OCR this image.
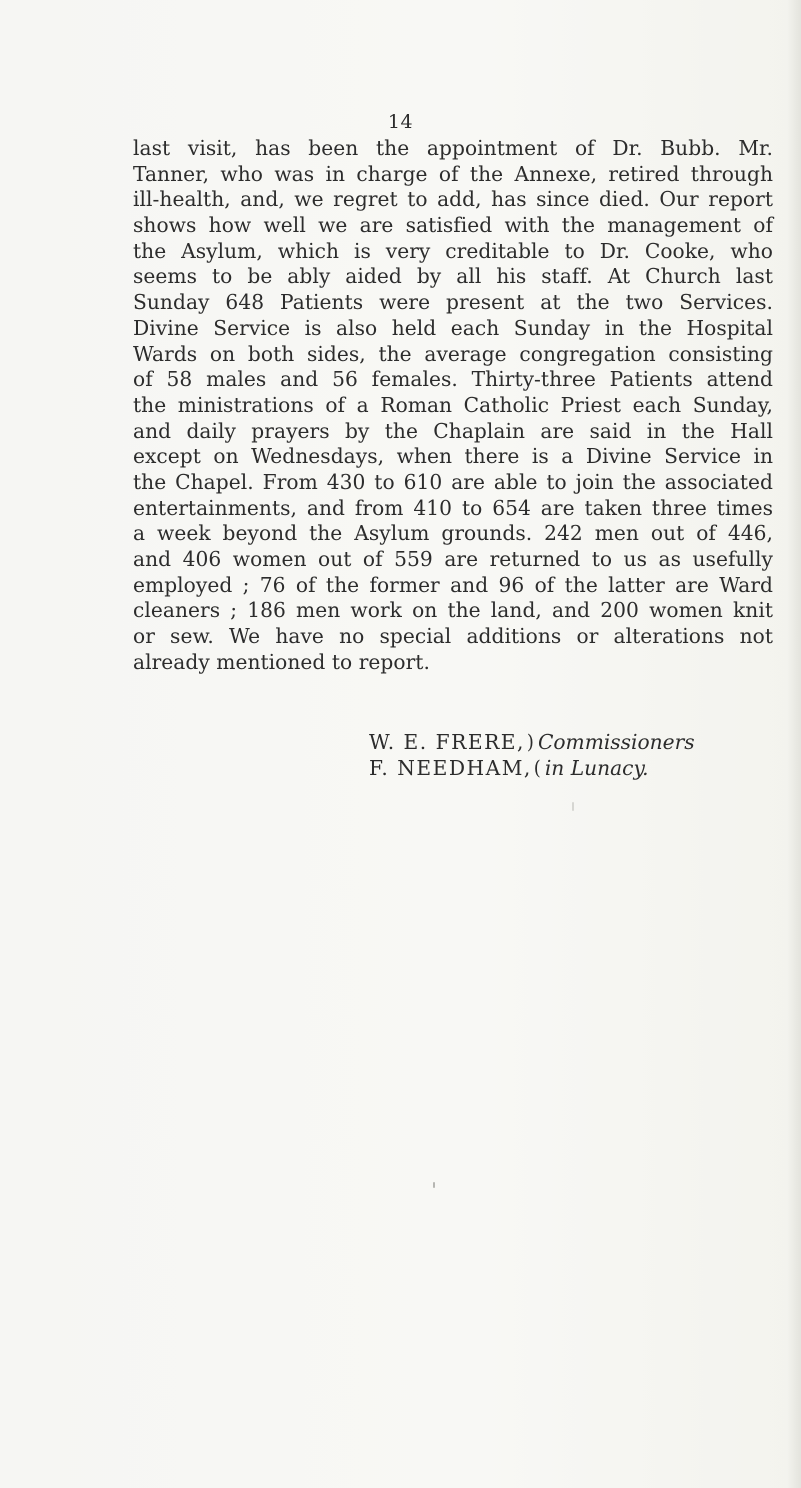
14
last visit, has been the appointment of Dr. Bubb. Mr.
Tanner, who was in charge of the Annexe, retired through
ill-health, and, we regret to add, has since died. Our report
shows how well we are satisfied with the management of
the Asylum, which is very creditable to Dr. Cooke, who
seems to be ably aided by all his staff. At Church last
Sunday 648 Patients were present at the two Services.
Divine Service is also held each Sunday in the Hospital
Wards on both sides, the average congregation consisting
of 58 males and 56 females. Thirty-three Patients attend
the ministrations of a Roman Catholic Priest each Sunday,
and daily prayers by the Chaplain are said in the Hall
except on Wednesdays, when there is a Divine Service in
the Chapel. From 430 to 610 are able to join the associated
entertainments, and from 410 to 654 are taken three times
a week beyond the Asylum grounds. 242 men out of 446,
and 406 women out of 559 are returned to us as usefully
employed ; 76 of the former and 96 of the latter are Ward
cleaners ; 186 men work on the land, and 200 women knit
or sew. We have no special additions or alterations not
already mentioned to report.
W. E. FRERE, ) Commissioners
F. NEEDHAM, ( in Lunacy.
